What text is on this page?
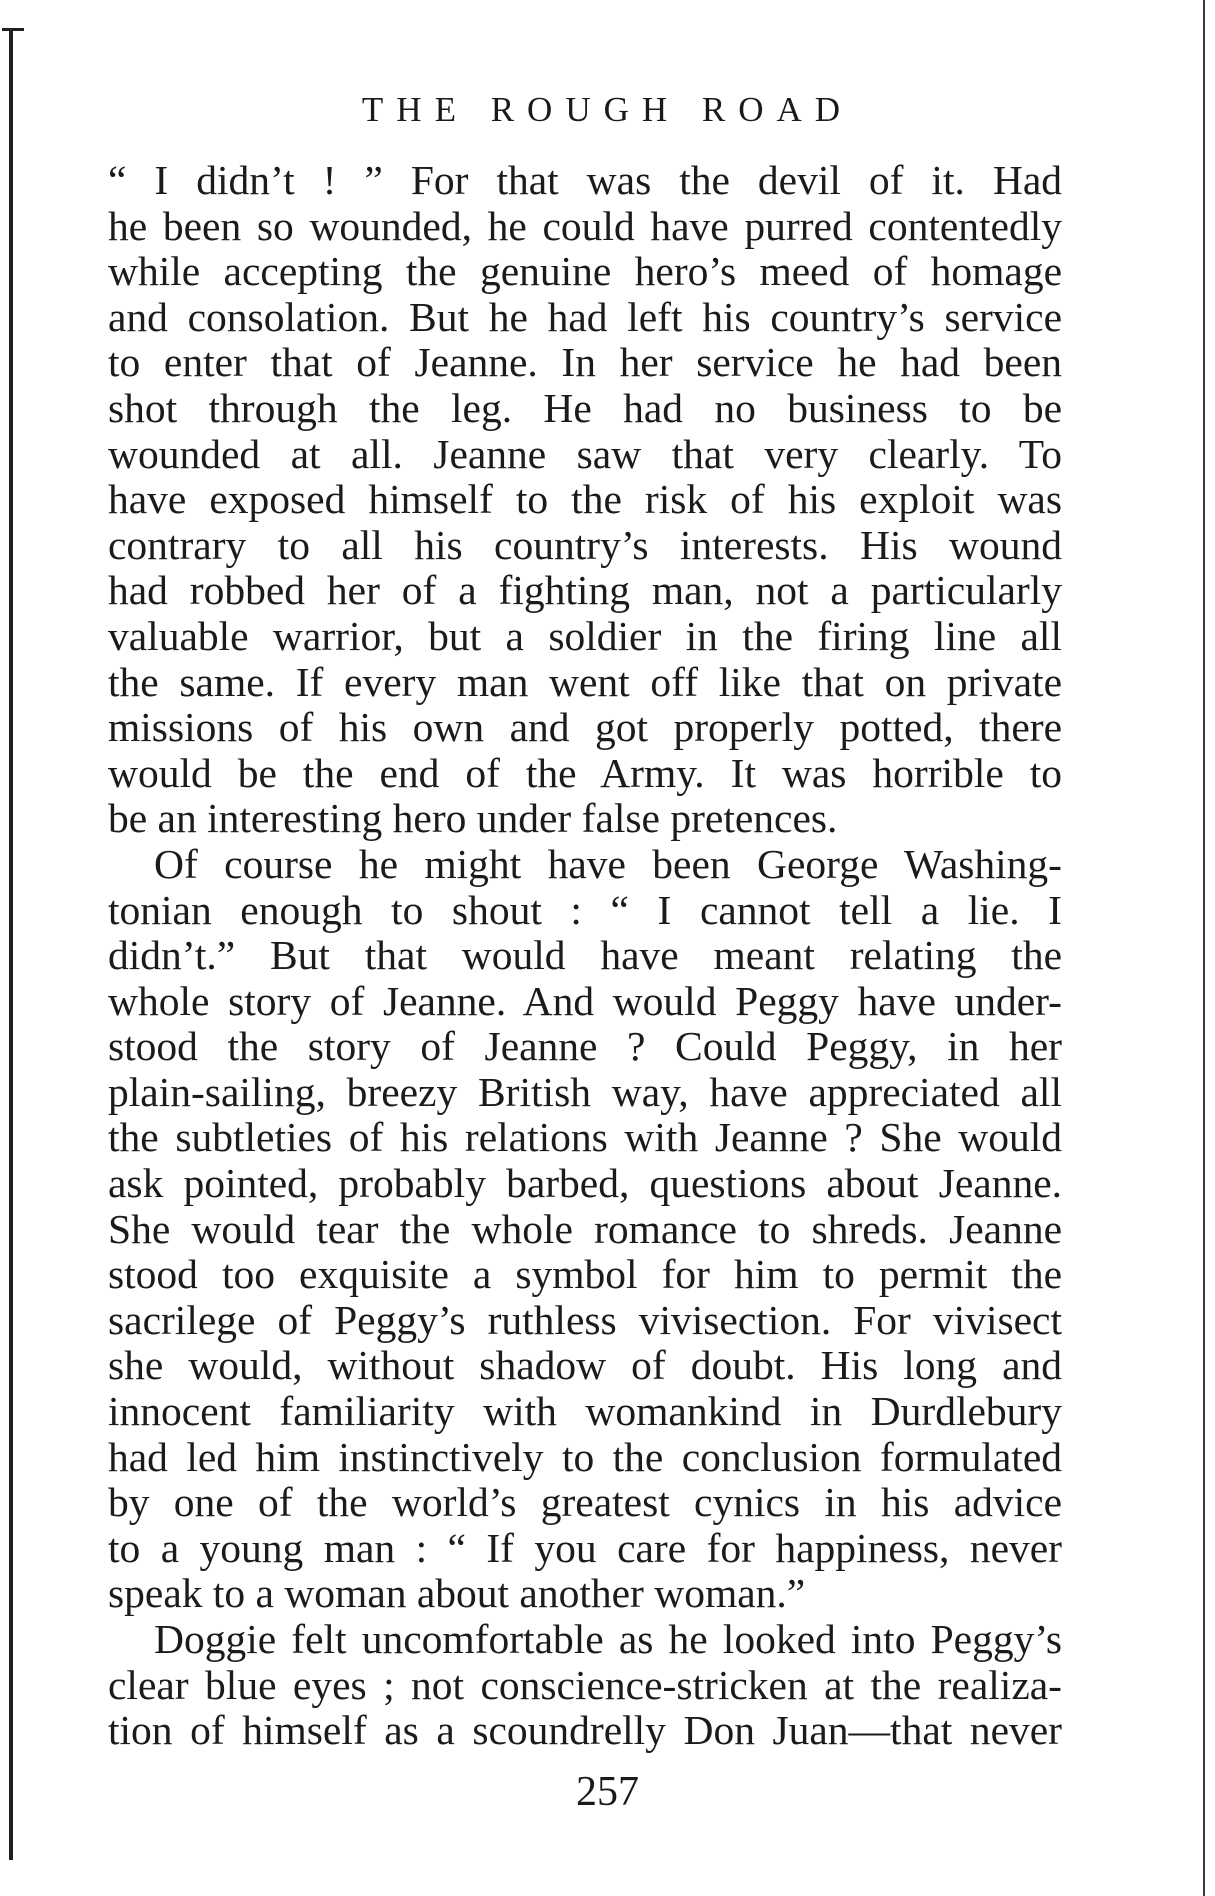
THE ROUGH ROAD
“ I didn’t ! ” For that was the devil of it. Had
he been so wounded, he could have purred contentedly
while accepting the genuine hero’s meed of homage
and consolation. But he had left his country’s service
to enter that of Jeanne. In her service he had been
shot through the leg. He had no business to be
wounded at all. Jeanne saw that very clearly. To
have exposed himself to the risk of his exploit was
contrary to all his country’s interests. His wound
had robbed her of a fighting man, not a particularly
valuable warrior, but a soldier in the firing line all
the same. If every man went off like that on private
missions of his own and got properly potted, there
would be the end of the Army. It was horrible to
be an interesting hero under false pretences.
Of course he might have been George Washing-
tonian enough to shout : “ I cannot tell a lie. I
didn’t.” But that would have meant relating the
whole story of Jeanne. And would Peggy have under-
stood the story of Jeanne ? Could Peggy, in her
plain-sailing, breezy British way, have appreciated all
the subtleties of his relations with Jeanne ? She would
ask pointed, probably barbed, questions about Jeanne.
She would tear the whole romance to shreds. Jeanne
stood too exquisite a symbol for him to permit the
sacrilege of Peggy’s ruthless vivisection. For vivisect
she would, without shadow of doubt. His long and
innocent familiarity with womankind in Durdlebury
had led him instinctively to the conclusion formulated
by one of the world’s greatest cynics in his advice
to a young man : “ If you care for happiness, never
speak to a woman about another woman.”
Doggie felt uncomfortable as he looked into Peggy’s
clear blue eyes ; not conscience-stricken at the realiza-
tion of himself as a scoundrelly Don Juan—that never
257
